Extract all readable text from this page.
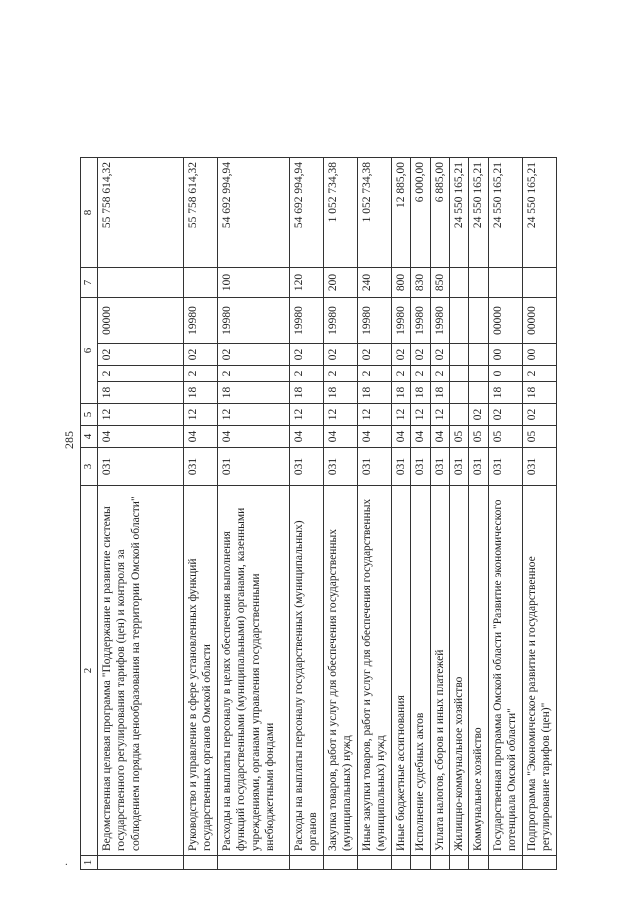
·
285
1	2	3	4	5	6				7	8
	Ведомственная целевая программа "Поддержание и развитие системы государственного регулирования тарифов (цен) и контроля за соблюдением порядка ценообразования на территории Омской области"	031	04	12	18	2	02	00000		55 758 614,32
	Руководство и управление в сфере установленных функций государственных органов Омской области	031	04	12	18	2	02	19980		55 758 614,32
	Расходы на выплаты персоналу в целях обеспечения выполнения функций государственными (муниципальными) органами, казенными учреждениями, органами управления государственными внебюджетными фондами	031	04	12	18	2	02	19980	100	54 692 994,94
	Расходы на выплаты персоналу государственных (муниципальных) органов	031	04	12	18	2	02	19980	120	54 692 994,94
	Закупка товаров, работ и услуг для обеспечения государственных (муниципальных) нужд	031	04	12	18	2	02	19980	200	1 052 734,38
	Иные закупки товаров, работ и услуг для обеспечения государственных (муниципальных) нужд	031	04	12	18	2	02	19980	240	1 052 734,38
	Иные бюджетные ассигнования	031	04	12	18	2	02	19980	800	12 885,00
	Исполнение судебных актов	031	04	12	18	2	02	19980	830	6 000,00
	Уплата налогов, сборов и иных платежей	031	04	12	18	2	02	19980	850	6 885,00
	Жилищно-коммунальное хозяйство	031	05							24 550 165,21
	Коммунальное хозяйство	031	05	02						24 550 165,21
	Государственная программа Омской области "Развитие экономического потенциала Омской области"	031	05	02	18	0	00	00000		24 550 165,21
	Подпрограмма "Экономическое развитие и государственное регулирование тарифов (цен)"	031	05	02	18	2	00	00000		24 550 165,21
